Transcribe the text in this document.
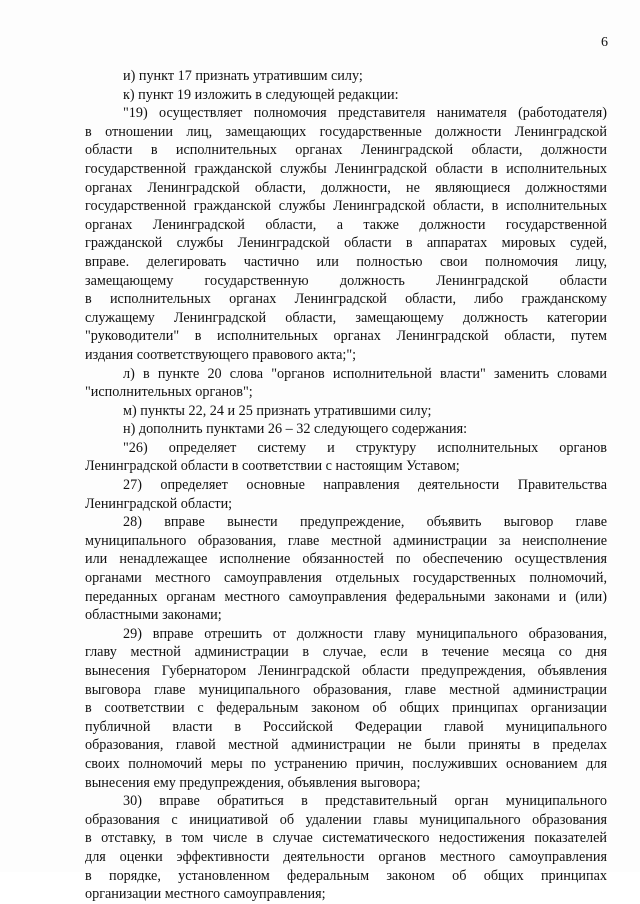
6
и) пункт 17 признать утратившим силу;
к) пункт 19 изложить в следующей редакции:
"19) осуществляет полномочия представителя нанимателя (работодателя)
в отношении лиц, замещающих государственные должности Ленинградской
области в исполнительных органах Ленинградской области, должности
государственной гражданской службы Ленинградской области в исполнительных
органах Ленинградской области, должности, не являющиеся должностями
государственной гражданской службы Ленинградской области, в исполнительных
органах Ленинградской области, а также должности государственной
гражданской службы Ленинградской области в аппаратах мировых судей,
вправе. делегировать частично или полностью свои полномочия лицу,
замещающему государственную должность Ленинградской области
в исполнительных органах Ленинградской области, либо гражданскому
служащему Ленинградской области, замещающему должность категории
"руководители" в исполнительных органах Ленинградской области, путем
издания соответствующего правового акта;";
л) в пункте 20 слова "органов исполнительной власти" заменить словами
"исполнительных органов";
м) пункты 22, 24 и 25 признать утратившими силу;
н) дополнить пунктами 26 – 32 следующего содержания:
"26) определяет систему и структуру исполнительных органов
Ленинградской области в соответствии с настоящим Уставом;
27) определяет основные направления деятельности Правительства
Ленинградской области;
28) вправе вынести предупреждение, объявить выговор главе
муниципального образования, главе местной администрации за неисполнение
или ненадлежащее исполнение обязанностей по обеспечению осуществления
органами местного самоуправления отдельных государственных полномочий,
переданных органам местного самоуправления федеральными законами и (или)
областными законами;
29) вправе отрешить от должности главу муниципального образования,
главу местной администрации в случае, если в течение месяца со дня
вынесения Губернатором Ленинградской области предупреждения, объявления
выговора главе муниципального образования, главе местной администрации
в соответствии с федеральным законом об общих принципах организации
публичной власти в Российской Федерации главой муниципального
образования, главой местной администрации не были приняты в пределах
своих полномочий меры по устранению причин, послуживших основанием для
вынесения ему предупреждения, объявления выговора;
30) вправе обратиться в представительный орган муниципального
образования с инициативой об удалении главы муниципального образования
в отставку, в том числе в случае систематического недостижения показателей
для оценки эффективности деятельности органов местного самоуправления
в порядке, установленном федеральным законом об общих принципах
организации местного самоуправления;
